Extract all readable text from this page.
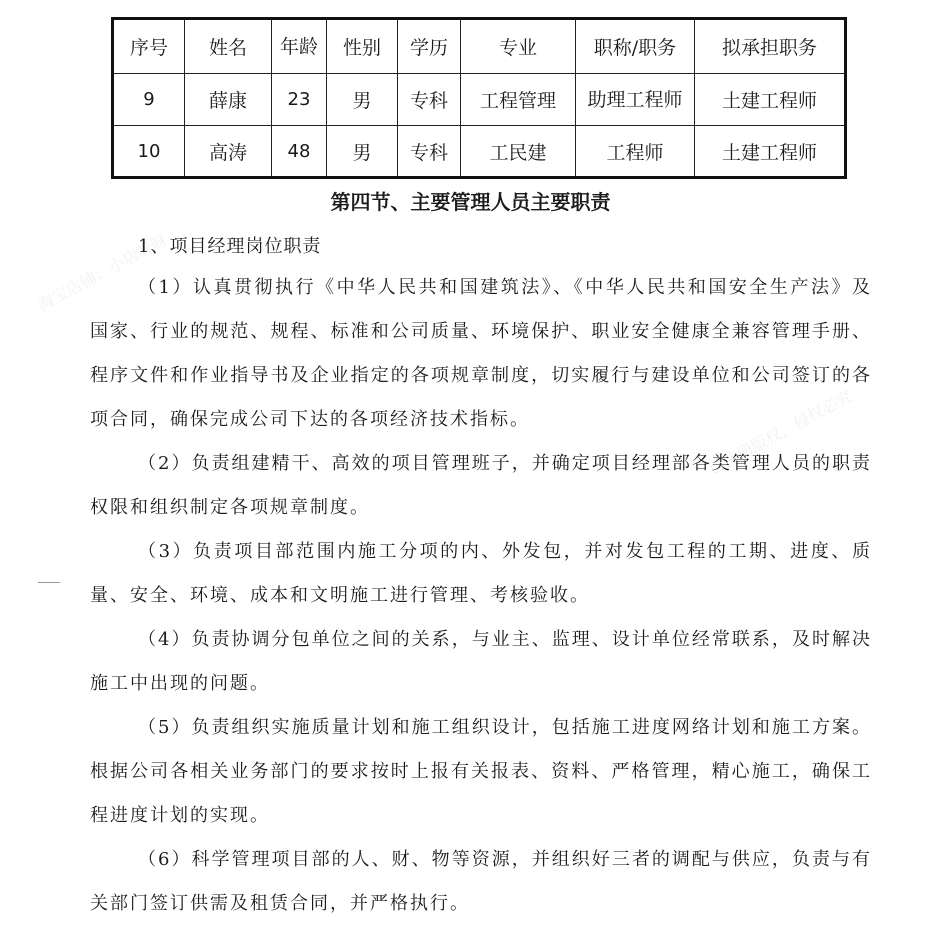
序号	姓名	年龄	性别	学历	专业	职称/职务	拟承担职务
9	薛康	23	男	专科	工程管理	助理工程师	土建工程师
10	高涛	48	男	专科	工民建	工程师	土建工程师
第四节、主要管理人员主要职责
1、项目经理岗位职责

（1）认真贯彻执行《中华人民共和国建筑法》、《中华人民共和国安全生产法》及国家、行业的规范、规程、标准和公司质量、环境保护、职业安全健康全兼容管理手册、程序文件和作业指导书及企业指定的各项规章制度，切实履行与建设单位和公司签订的各项合同，确保完成公司下达的各项经济技术指标。

（2）负责组建精干、高效的项目管理班子，并确定项目经理部各类管理人员的职责权限和组织制定各项规章制度。

（3）负责项目部范围内施工分项的内、外发包，并对发包工程的工期、进度、质量、安全、环境、成本和文明施工进行管理、考核验收。

（4）负责协调分包单位之间的关系，与业主、监理、设计单位经常联系，及时解决施工中出现的问题。

（5）负责组织实施质量计划和施工组织设计，包括施工进度网络计划和施工方案。根据公司各相关业务部门的要求按时上报有关报表、资料、严格管理，精心施工，确保工程进度计划的实现。

（6）科学管理项目部的人、财、物等资源，并组织好三者的调配与供应，负责与有关部门签订供需及租赁合同，并严格执行。

淘宝店铺：小店呀呀
已注册版权，侵权必究
